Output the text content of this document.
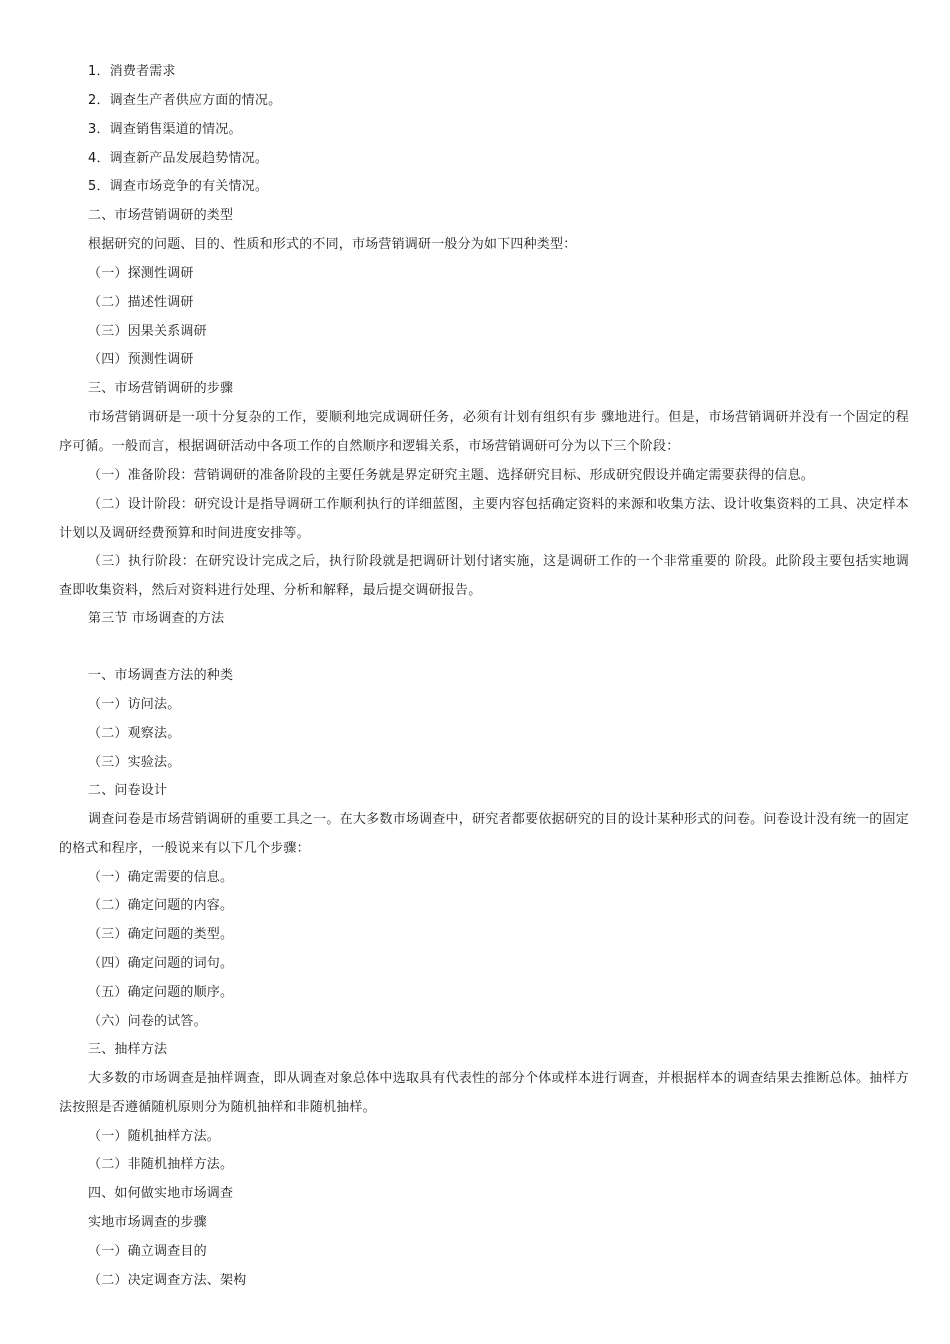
1．消费者需求
2．调查生产者供应方面的情况。
3．调查销售渠道的情况。
4．调查新产品发展趋势情况。
5．调查市场竞争的有关情况。
二、市场营销调研的类型
根据研究的问题、目的、性质和形式的不同，市场营销调研一般分为如下四种类型：
（一）探测性调研
（二）描述性调研
（三）因果关系调研
（四）预测性调研
三、市场营销调研的步骤
市场营销调研是一项十分复杂的工作，要顺利地完成调研任务，必须有计划有组织有步 骤地进行。但是，市场营销调研并没有一个固定的程序可循。一般而言，根据调研活动中各项工作的自然顺序和逻辑关系，市场营销调研可分为以下三个阶段：
（一）准备阶段：营销调研的准备阶段的主要任务就是界定研究主题、选择研究目标、形成研究假设并确定需要获得的信息。
（二）设计阶段：研究设计是指导调研工作顺利执行的详细蓝图，主要内容包括确定资料的来源和收集方法、设计收集资料的工具、决定样本计划以及调研经费预算和时间进度安排等。
（三）执行阶段：在研究设计完成之后，执行阶段就是把调研计划付诸实施，这是调研工作的一个非常重要的 阶段。此阶段主要包括实地调查即收集资料，然后对资料进行处理、分析和解释，最后提交调研报告。
第三节 市场调查的方法
一、市场调查方法的种类
（一）访问法。
（二）观察法。
（三）实验法。
二、问卷设计
调查问卷是市场营销调研的重要工具之一。在大多数市场调查中，研究者都要依据研究的目的设计某种形式的问卷。问卷设计没有统一的固定的格式和程序，一般说来有以下几个步骤：
（一）确定需要的信息。
（二）确定问题的内容。
（三）确定问题的类型。
（四）确定问题的词句。
（五）确定问题的顺序。
（六）问卷的试答。
三、抽样方法
大多数的市场调查是抽样调查，即从调查对象总体中选取具有代表性的部分个体或样本进行调查，并根据样本的调查结果去推断总体。抽样方法按照是否遵循随机原则分为随机抽样和非随机抽样。
（一）随机抽样方法。
（二）非随机抽样方法。
四、如何做实地市场调查
实地市场调查的步骤
（一）确立调查目的
（二）决定调查方法、架构
